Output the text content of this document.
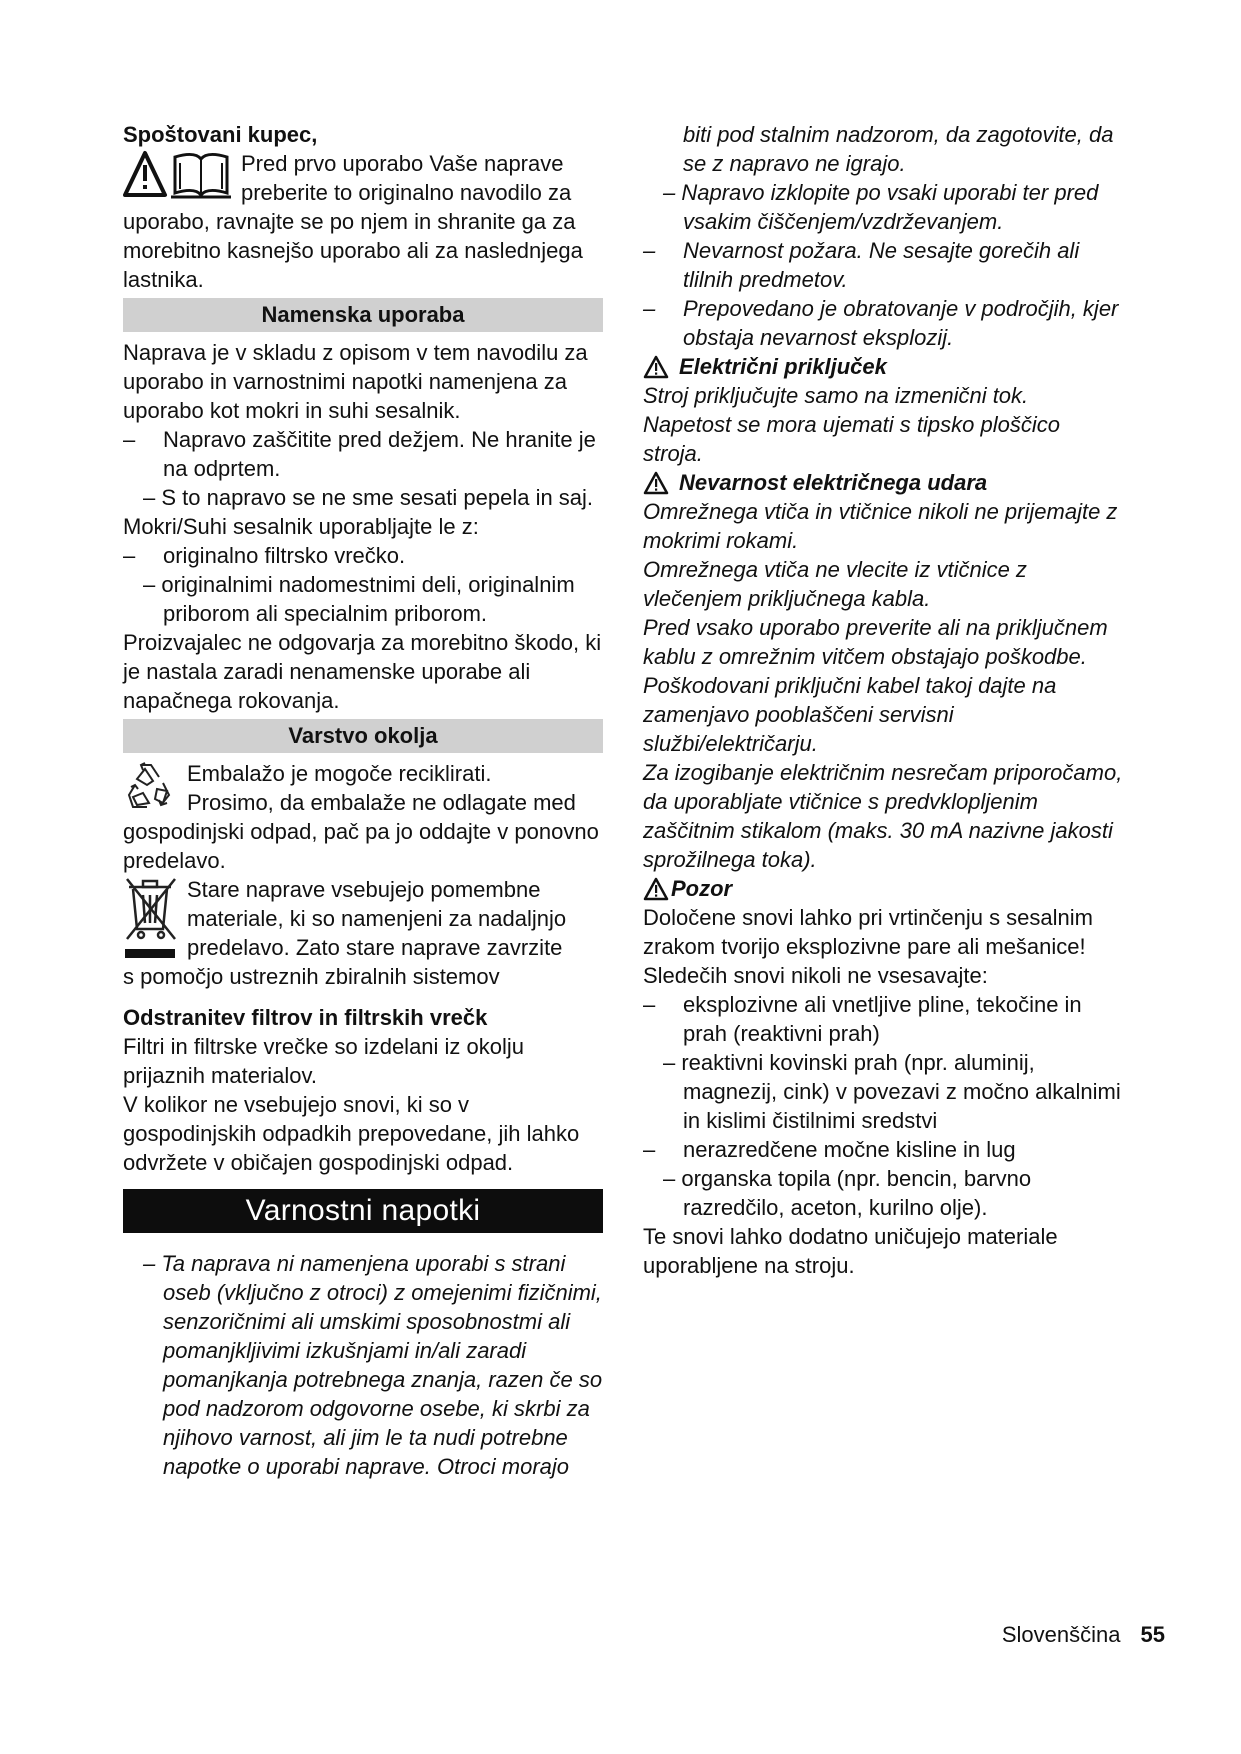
Spoštovani kupec,

Pred prvo uporabo Vaše naprave

preberite to originalno navodilo za

uporabo, ravnajte se po njem in shranite ga za morebitno kasnejšo uporabo ali za naslednjega lastnika.

Namenska uporaba

Naprava je v skladu z opisom v tem navodilu za uporabo in varnostnimi napotki namenjena za uporabo kot mokri in suhi sesalnik.

–	Napravo zaščitite pred dežjem. Ne hranite je na odprtem.

– S to napravo se ne sme sesati pepela in saj.

Mokri/Suhi sesalnik uporabljajte le z:

–	originalno filtrsko vrečko.

– originalnimi nadomestnimi deli, originalnim priborom ali specialnim priborom.

Proizvajalec ne odgovarja za morebitno škodo, ki je nastala zaradi nenamenske uporabe ali napačnega rokovanja.

Varstvo okolja

Embalažo je mogoče reciklirati.

Prosimo, da embalaže ne odlagate med

gospodinjski odpad, pač pa jo oddajte v ponovno predelavo.

Stare naprave vsebujejo pomembne

materiale, ki so namenjeni za nadaljnjo

predelavo. Zato stare naprave zavrzite

s pomočjo ustreznih zbiralnih sistemov

Odstranitev filtrov in filtrskih vrečk

Filtri in filtrske vrečke so izdelani iz okolju prijaznih materialov.

V kolikor ne vsebujejo snovi, ki so v gospodinjskih odpadkih prepovedane, jih lahko odvržete v običajen gospodinjski odpad.

Varnostni napotki

– Ta naprava ni namenjena uporabi s strani oseb (vključno z otroci) z omejenimi fizičnimi, senzoričnimi ali umskimi sposobnostmi ali pomanjkljivimi izkušnjami in/ali zaradi pomanjkanja potrebnega znanja, razen če so pod nadzorom odgovorne osebe, ki skrbi za njihovo varnost, ali jim le ta nudi potrebne napotke o uporabi naprave. Otroci morajo

biti pod stalnim nadzorom, da zagotovite, da se z napravo ne igrajo.

– Napravo izklopite po vsaki uporabi ter pred vsakim čiščenjem/vzdrževanjem.

–	Nevarnost požara. Ne sesajte gorečih ali tlilnih predmetov.
–	Prepovedano je obratovanje v področjih, kjer obstaja nevarnost eksplozij.
Električni priključek

Stroj priključujte samo na izmenični tok.

Napetost se mora ujemati s tipsko ploščico stroja.

Nevarnost električnega udara

Omrežnega vtiča in vtičnice nikoli ne prijemajte z mokrimi rokami.

Omrežnega vtiča ne vlecite iz vtičnice z vlečenjem priključnega kabla.

Pred vsako uporabo preverite ali na priključnem kablu z omrežnim vitčem obstajajo poškodbe. Poškodovani priključni kabel takoj dajte na zamenjavo pooblaščeni servisni službi/električarju.

Za izogibanje električnim nesrečam priporočamo, da uporabljate vtičnice s predvklopljenim zaščitnim stikalom (maks. 30 mA nazivne jakosti sprožilnega toka).

Pozor

Določene snovi lahko pri vrtinčenju s sesalnim zrakom tvorijo eksplozivne pare ali mešanice!

Sledečih snovi nikoli ne vsesavajte:

–	eksplozivne ali vnetljive pline, tekočine in prah (reaktivni prah)

– reaktivni kovinski prah (npr. aluminij, magnezij, cink) v povezavi z močno alkalnimi in kislimi čistilnimi sredstvi

–	nerazredčene močne kisline in lug

– organska topila (npr. bencin, barvno razredčilo, aceton, kurilno olje).

Te snovi lahko dodatno uničujejo materiale uporabljene na stroju.

Slovenščina 55
